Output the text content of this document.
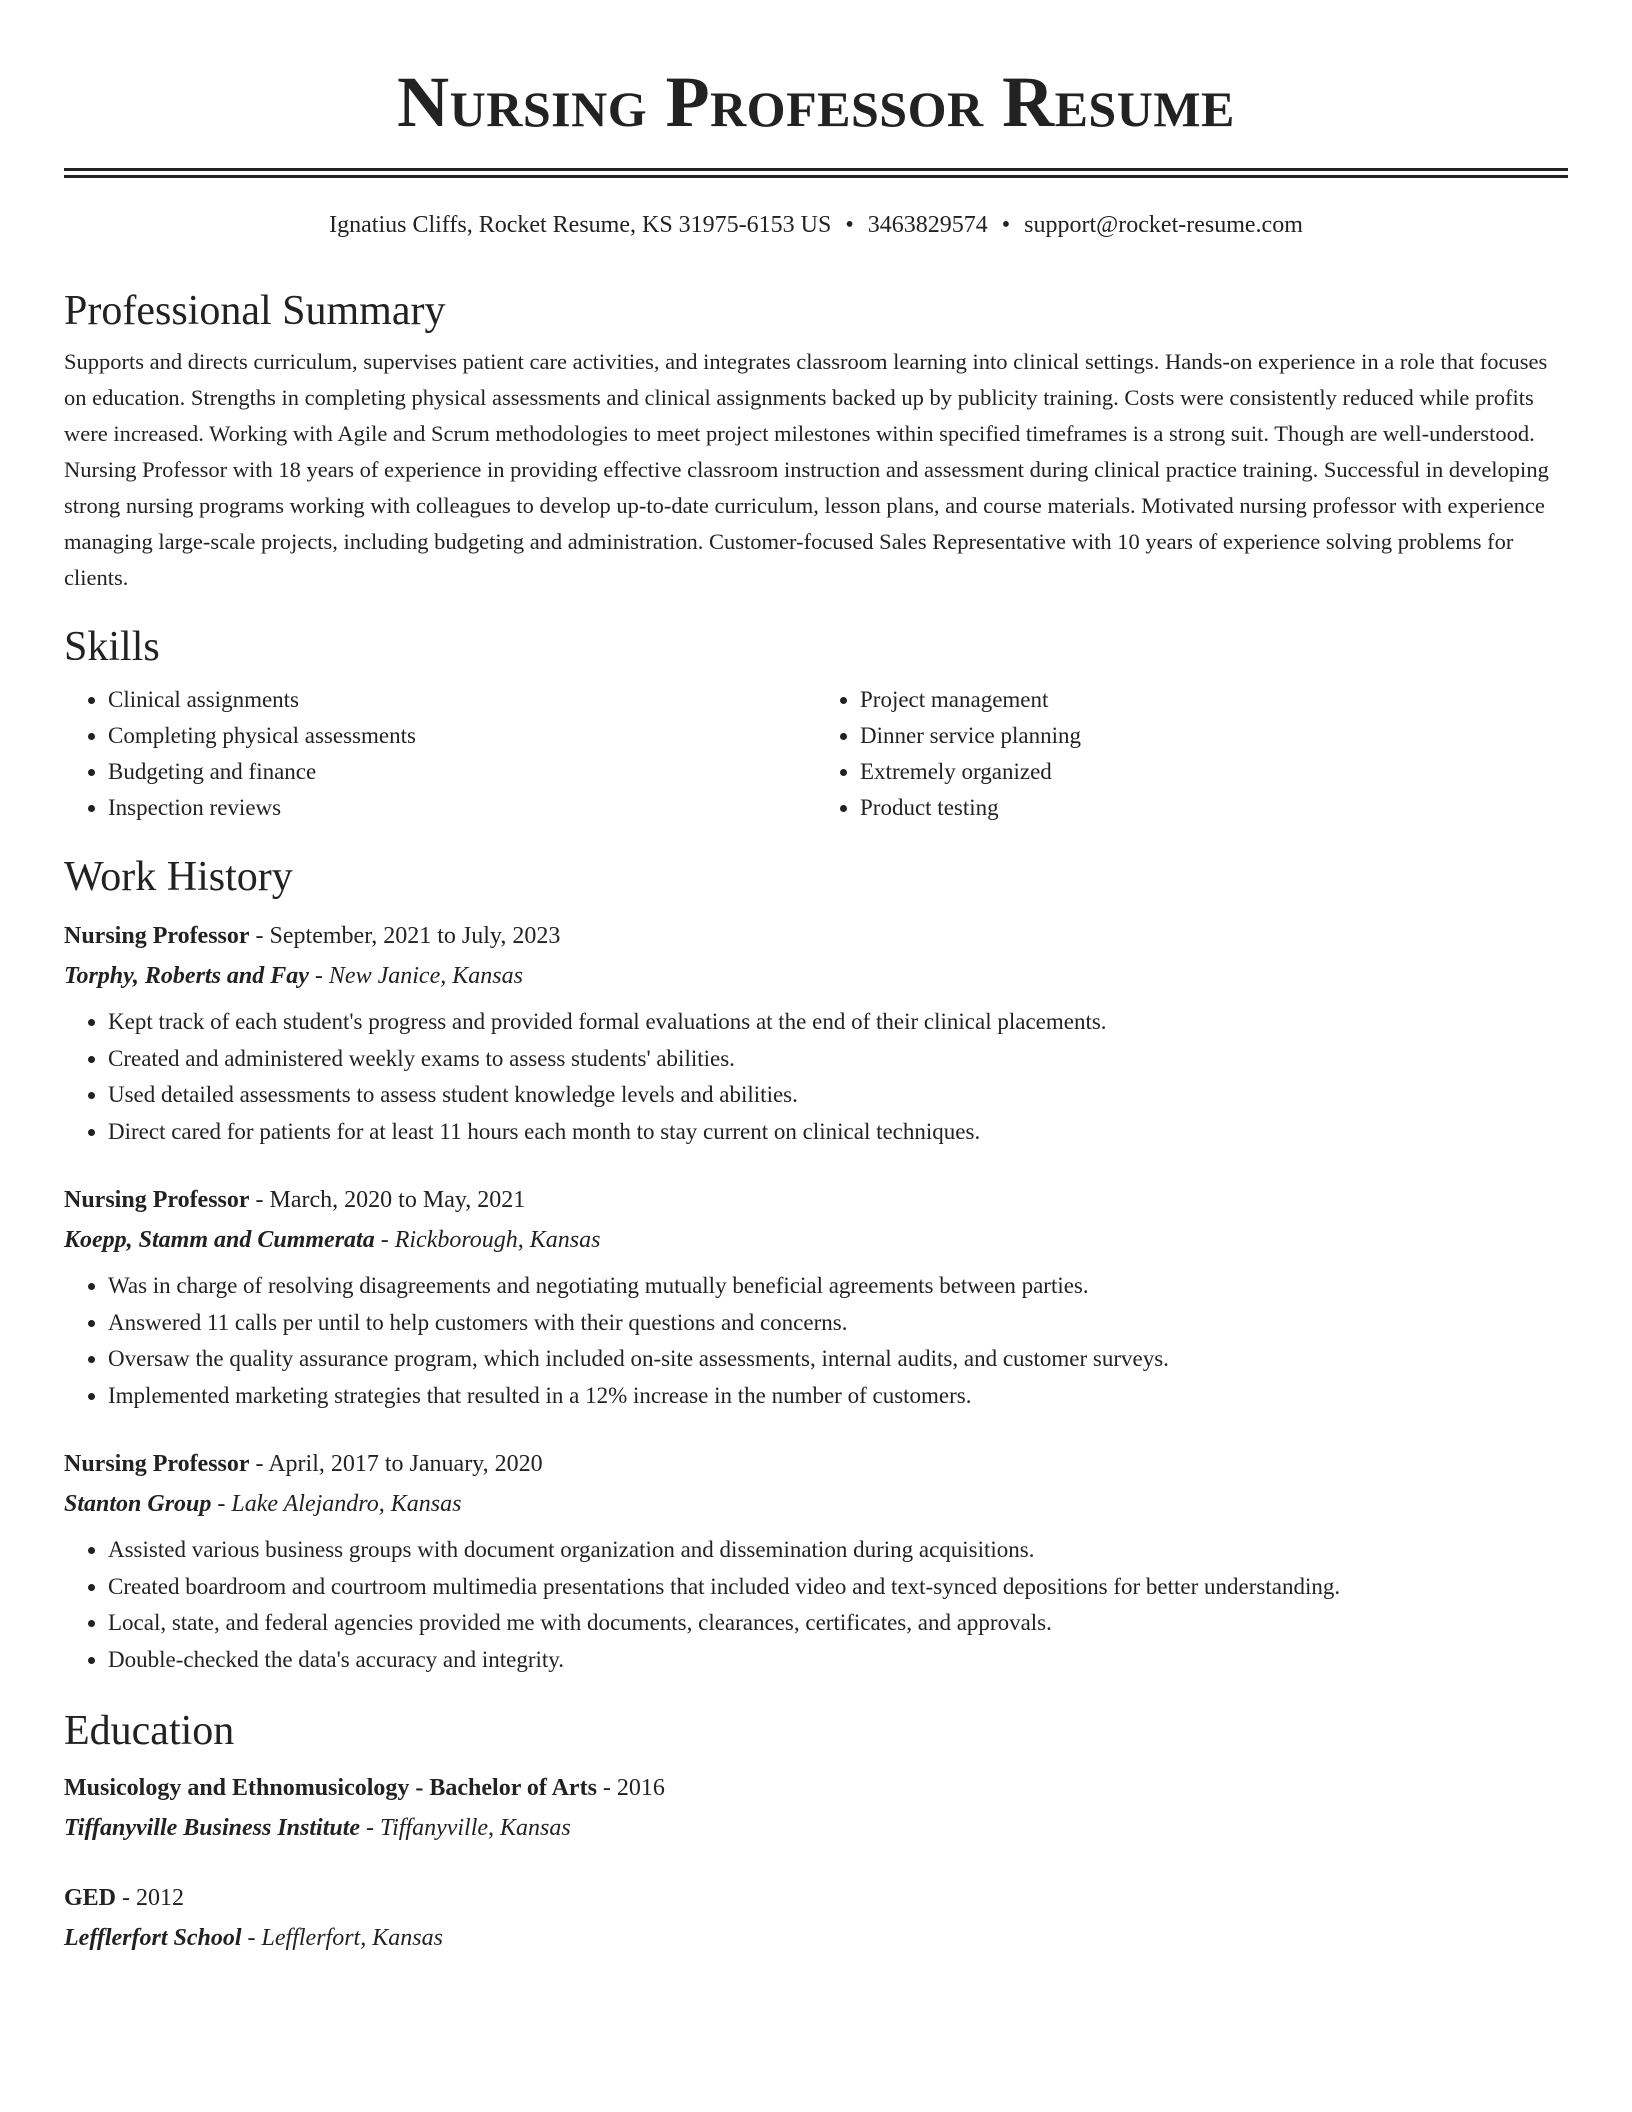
Nursing Professor Resume
Ignatius Cliffs, Rocket Resume, KS 31975-6153 US • 3463829574 • support@rocket-resume.com
Professional Summary

Supports and directs curriculum, supervises patient care activities, and integrates classroom learning into clinical settings. Hands-on experience in a role that focuses on education. Strengths in completing physical assessments and clinical assignments backed up by publicity training. Costs were consistently reduced while profits were increased. Working with Agile and Scrum methodologies to meet project milestones within specified timeframes is a strong suit. Though are well-understood. Nursing Professor with 18 years of experience in providing effective classroom instruction and assessment during clinical practice training. Successful in developing strong nursing programs working with colleagues to develop up-to-date curriculum, lesson plans, and course materials. Motivated nursing professor with experience managing large-scale projects, including budgeting and administration. Customer-focused Sales Representative with 10 years of experience solving problems for clients.

Skills
• Clinical assignments
• Completing physical assessments
• Budgeting and finance
• Inspection reviews
• Project management
• Dinner service planning
• Extremely organized
• Product testing
Work History
Nursing Professor - September, 2021 to July, 2023
Torphy, Roberts and Fay - New Janice, Kansas
• Kept track of each student's progress and provided formal evaluations at the end of their clinical placements.
• Created and administered weekly exams to assess students' abilities.
• Used detailed assessments to assess student knowledge levels and abilities.
• Direct cared for patients for at least 11 hours each month to stay current on clinical techniques.
Nursing Professor - March, 2020 to May, 2021
Koepp, Stamm and Cummerata - Rickborough, Kansas
• Was in charge of resolving disagreements and negotiating mutually beneficial agreements between parties.
• Answered 11 calls per until to help customers with their questions and concerns.
• Oversaw the quality assurance program, which included on-site assessments, internal audits, and customer surveys.
• Implemented marketing strategies that resulted in a 12% increase in the number of customers.
Nursing Professor - April, 2017 to January, 2020
Stanton Group - Lake Alejandro, Kansas
• Assisted various business groups with document organization and dissemination during acquisitions.
• Created boardroom and courtroom multimedia presentations that included video and text-synced depositions for better understanding.
• Local, state, and federal agencies provided me with documents, clearances, certificates, and approvals.
• Double-checked the data's accuracy and integrity.
Education
Musicology and Ethnomusicology - Bachelor of Arts - 2016
Tiffanyville Business Institute - Tiffanyville, Kansas
GED - 2012
Lefflerfort School - Lefflerfort, Kansas
